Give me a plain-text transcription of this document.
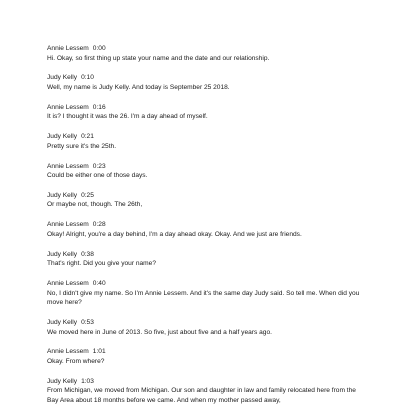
Annie Lessem 0:00
Hi. Okay, so first thing up state your name and the date and our relationship.
Judy Kelly 0:10
Well, my name is Judy Kelly. And today is September 25 2018.
Annie Lessem 0:16
It is? I thought it was the 26. I'm a day ahead of myself.
Judy Kelly 0:21
Pretty sure it's the 25th.
Annie Lessem 0:23
Could be either one of those days.
Judy Kelly 0:25
Or maybe not, though. The 26th,
Annie Lessem 0:28
Okay! Alright, you're a day behind, I'm a day ahead okay. Okay. And we just are friends.
Judy Kelly 0:38
That's right. Did you give your name?
Annie Lessem 0:40
No, I didn't give my name. So I'm Annie Lessem. And it's the same day Judy said. So tell me. When did you move here?
Judy Kelly 0:53
We moved here in June of 2013. So five, just about five and a half years ago.
Annie Lessem 1:01
Okay. From where?
Judy Kelly 1:03
From Michigan, we moved from Michigan. Our son and daughter in law and family relocated here from the Bay Area about 18 months before we came. And when my mother passed away,
